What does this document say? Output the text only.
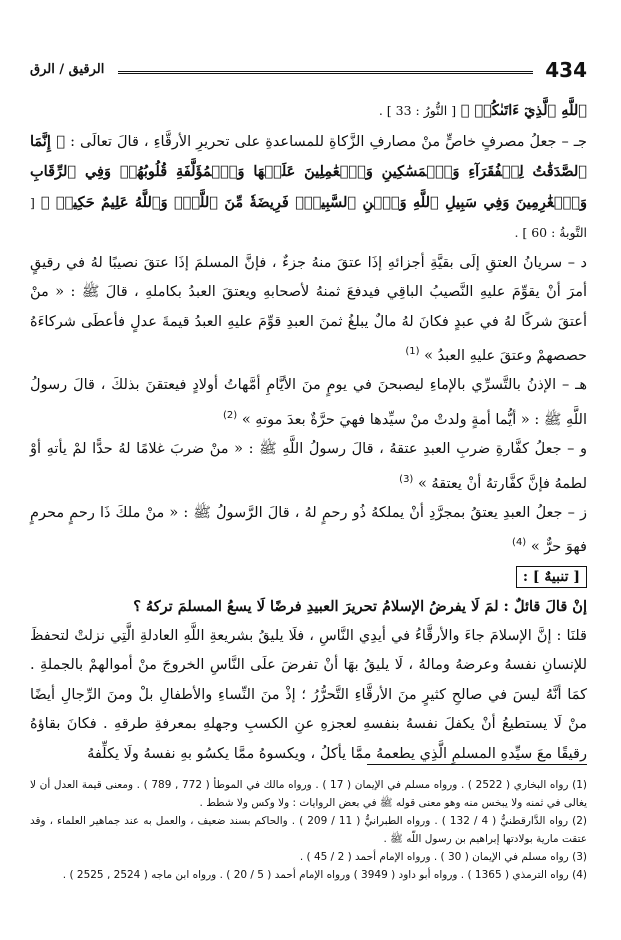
434
الرقيق / الرق

ﭐللَّهِ ٱلَّذِيٓ ءَاتَىٰكُمۡ ﴾ [ النُّورُ : 33 ] .

جـ – جعلُ مصرفٍ خاصٍّ منْ مصارفِ الزَّكاةِ للمساعدةِ على تحريرِ الأرقَّاءِ ، قالَ تعالَى : ﴿ إِنَّمَا ٱلصَّدَقَٰتُ لِلۡفُقَرَآءِ وَٱلۡمَسَٰكِينِ وَٱلۡعَٰمِلِينَ عَلَيۡهَا وَٱلۡمُؤَلَّفَةِ قُلُوبُهُمۡ وَفِي ٱلرِّقَابِ وَٱلۡغَٰرِمِينَ وَفِي سَبِيلِ ٱللَّهِ وَٱبۡنِ ٱلسَّبِيلِۖ فَرِيضَةٗ مِّنَ ٱللَّهِۗ وَٱللَّهُ عَلِيمٌ حَكِيمٞ ﴾ [ التَّوبةُ : 60 ] .

د – سريانُ العتقِ إلَى بقيَّةِ أجزائهِ إذَا عتقَ منهُ جزءٌ ، فإنَّ المسلمَ إذَا عتقَ نصيبًا لهُ في رقيقٍ أمرَ أنْ يقوِّمَ عليهِ النَّصيبُ الباقِي فيدفعَ ثمنهُ لأصحابهِ ويعتقَ العبدُ بكاملهِ ، قالَ ﷺ : « منْ أعتقَ شركًا لهُ في عبدٍ فكانَ لهُ مالٌ يبلغُ ثمنَ العبدِ قوِّمَ عليهِ العبدُ قيمةَ عدلٍ فأعطَى شركاءَهُ حصصهمْ وعتقَ عليهِ العبدُ » $^{(1)}$

هـ – الإذنُ بالتَّسرِّي بالإماءِ ليصبحنَ في يومٍ منَ الأيَّامِ أمَّهاتُ أولادٍ فيعتقنَ بذلكَ ، قالَ رسولُ اللَّهِ ﷺ : « أيُّما أمةٍ ولدتْ منْ سيِّدها فهيَ حرَّةٌ بعدَ موتهِ » $^{(2)}$

و – جعلُ كفَّارةِ ضربِ العبدِ عتقهُ ، قالَ رسولُ اللَّهِ ﷺ : « منْ ضربَ غلامًا لهُ حدًّا لمْ يأتهِ أوْ لطمهُ فإنَّ كفَّارتهُ أنْ يعتقهُ » $^{(3)}$

ز – جعلُ العبدِ يعتقُ بمجرَّدِ أنْ يملكهُ ذُو رحمٍ لهُ ، قالَ الرَّسولُ ﷺ : « منْ ملكَ ذَا رحمٍ محرمٍ فهوَ حرٌّ » $^{(4)}$

[ تنبيهٌ ] :

إنْ قالَ قائلٌ : لمَ لَا يفرضُ الإسلامُ تحريرَ العبيدِ فرضًا لَا يسعُ المسلمَ تركهُ ؟

قلنَا : إنَّ الإسلامَ جاءَ والأرقَّاءُ في أيدِي النَّاسِ ، فلَا يليقُ بشريعةِ اللَّهِ العادلةِ الَّتِي نزلتْ لتحفظَ للإنسانِ نفسهُ وعرضهُ ومالهُ ، لَا يليقُ بهَا أنْ تفرضَ علَى النَّاسِ الخروجَ منْ أموالهمْ بالجملةِ . كمَا أنَّهُ ليسَ في صالحِ كثيرٍ منَ الأرقَّاءِ التَّحرُّرُ ؛ إذْ منَ النِّساءِ والأطفالِ بلْ ومنَ الرِّجالِ أيضًا منْ لَا يستطيعُ أنْ يكفلَ نفسهُ بنفسهِ لعجزهِ عنِ الكسبِ وجهلهِ بمعرفةِ طرقهِ . فكانَ بقاؤهُ رقيقًا معَ سيِّدهِ المسلمِ الَّذِي يطعمهُ ممَّا يأكلُ ، ويكسوهُ ممَّا يكسُو بهِ نفسهُ ولَا يكلِّفهُ

(1) رواه البخاري ( 2522 ) . ورواه مسلم في الإيمان ( 17 ) . ورواه مالك في الموطأ ( 772 , 789 ) . ومعنى قيمة العدل أن لا يغالى في ثمنه ولا يبخس منه وهو معنى قوله ﷺ في بعض الروايات : ولا وكس ولا شطط .

(2) رواه الدَّارقطنيُّ ( 4 / 132 ) . ورواه الطبرانيُّ ( 11 / 209 ) . والحاكم بسند ضعيف ، والعمل به عند جماهير العلماء ، وقد عتقت مارية بولادتها إبراهيم بن رسول اللّه ﷺ .

(3) رواه مسلم في الإيمان ( 30 ) . ورواه الإمام أحمد ( 2 / 45 ) .

(4) رواه الترمذي ( 1365 ) . ورواه أبو داود ( 3949 ) ورواه الإمام أحمد ( 5 / 20 ) . ورواه ابن ماجه ( 2524 , 2525 ) .
